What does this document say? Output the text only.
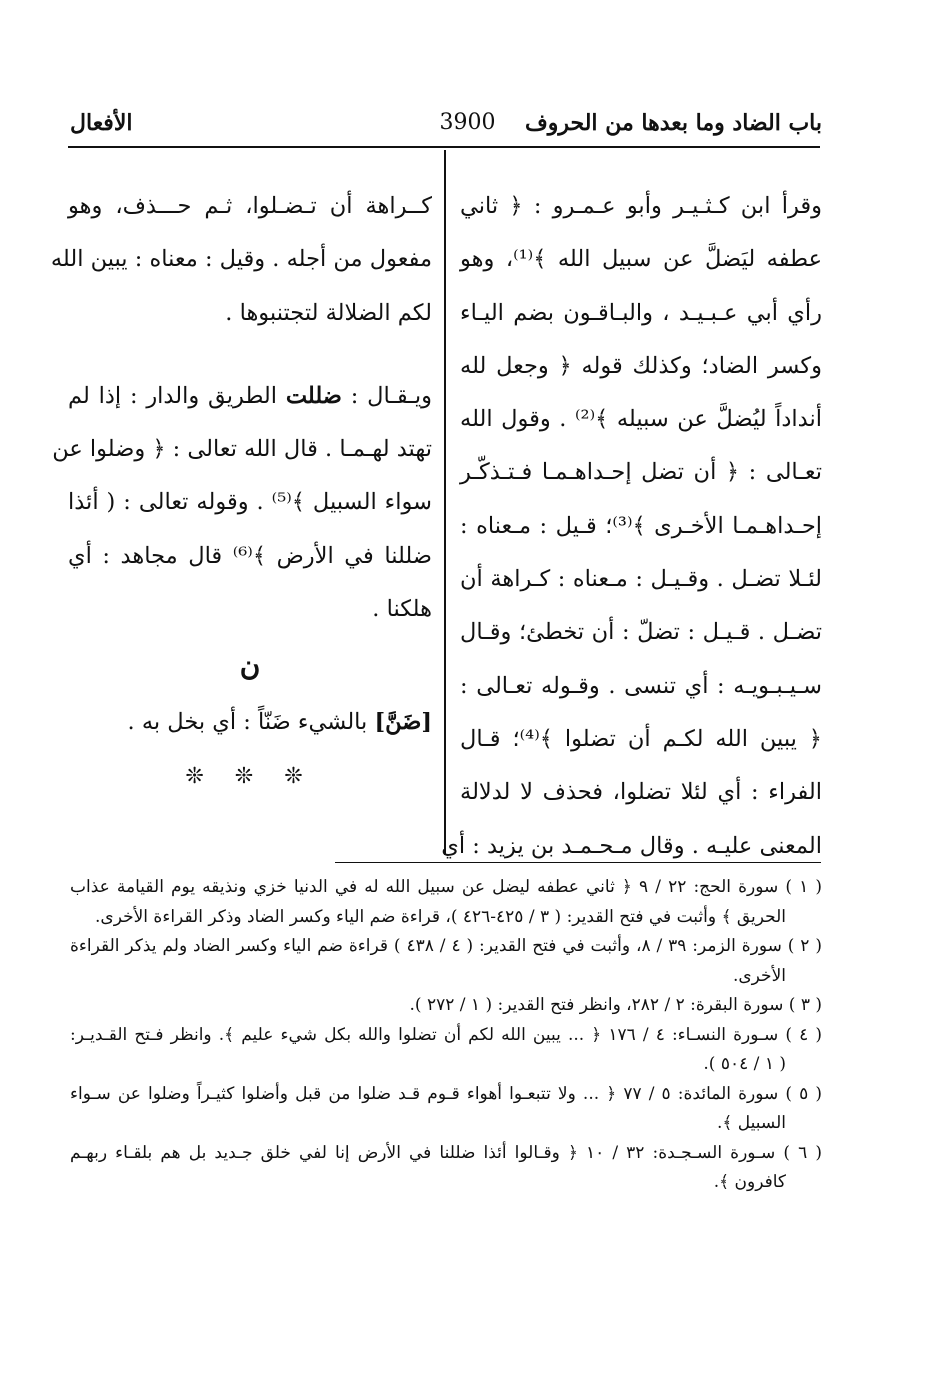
باب الضاد وما بعدها من الحروف
3900
الأفعال
وقرأ ابن كـثـيـر وأبو عـمـرو : ﴿ ثاني
عطفه ليَضلَّ عن سبيل الله ﴾⁽¹⁾، وهو
رأي أبي عـبـيـد ، والبـاقـون بضم اليـاء
وكسر الضاد؛ وكذلك قوله ﴿ وجعل لله
أنداداً ليُضلَّ عن سبيله ﴾⁽²⁾ . وقول الله
تعـالى : ﴿ أن تضل إحـداهـمـا فـتـذكّـر
إحـداهـمـا الأخـرى ﴾⁽³⁾؛ قـيل : مـعناه :
لئـلا تضـل . وقـيـل : مـعناه : كـراهة أن
تضـل . قـيـل : تضلّ : أن تخطئ؛ وقـال
سـيـبـويـه : أي تنسى . وقـوله تعـالى :
﴿ يبين الله لكـم أن تضلوا ﴾⁽⁴⁾؛ قـال
الفراء : أي لئلا تضلوا، فحذف لا لدلالة
المعنى عليـه . وقال مـحـمـد بن يزيد : أي
كــراهة أن تـضـلوا، ثـم حـــذف، وهو
مفعول من أجله . وقيل : معناه : يبين الله
لكم الضلالة لتجتنبوها .
ويـقـال : ضللت الطريق والدار : إذا لم
تهتد لهـمـا . قال الله تعالى : ﴿ وضلوا عن
سواء السبيل ﴾⁽⁵⁾ . وقوله تعالى : ( أئذا
ضللنا في الأرض ﴾⁽⁶⁾ قال مجاهد : أي
هلكنا .
ن
[ضَنَّ] بالشيء ضَنّاً : أي بخل به .
❊ ❊ ❊
( ١ ) سورة الحج: ٢٢ / ٩ ﴿ ثاني عطفه ليضل عن سبيل الله له في الدنيا خزي ونذيقه يوم القيامة عذاب
الحريق ﴾ وأثبت في فتح القدير: ( ٣ / ٤٢٥-٤٢٦ )، قراءة ضم الياء وكسر الضاد وذكر القراءة الأخرى.
( ٢ ) سورة الزمر: ٣٩ / ٨، وأثبت في فتح القدير: ( ٤ / ٤٣٨ ) قراءة ضم الياء وكسر الضاد ولم يذكر القراءة
الأخرى.
( ٣ ) سورة البقرة: ٢ / ٢٨٢، وانظر فتح القدير: ( ١ / ٢٧٢ ).
( ٤ ) سـورة النسـاء: ٤ / ١٧٦ ﴿ ... يبين الله لكم أن تضلوا والله بكل شيء عليم ﴾. وانظر فـتح القـديـر:
( ١ / ٥٠٤ ).
( ٥ ) سورة المائدة: ٥ / ٧٧ ﴿ ... ولا تتبعـوا أهواء قـوم قـد ضلوا من قبل وأضلوا كثيـراً وضلوا عن سـواء
السبيل ﴾.
( ٦ ) سـورة السـجـدة: ٣٢ / ١٠ ﴿ وقـالوا أئذا ضللنا في الأرض إنا لفي خلق جـديد بل هم بلقـاء ربهـم
كافرون ﴾.
